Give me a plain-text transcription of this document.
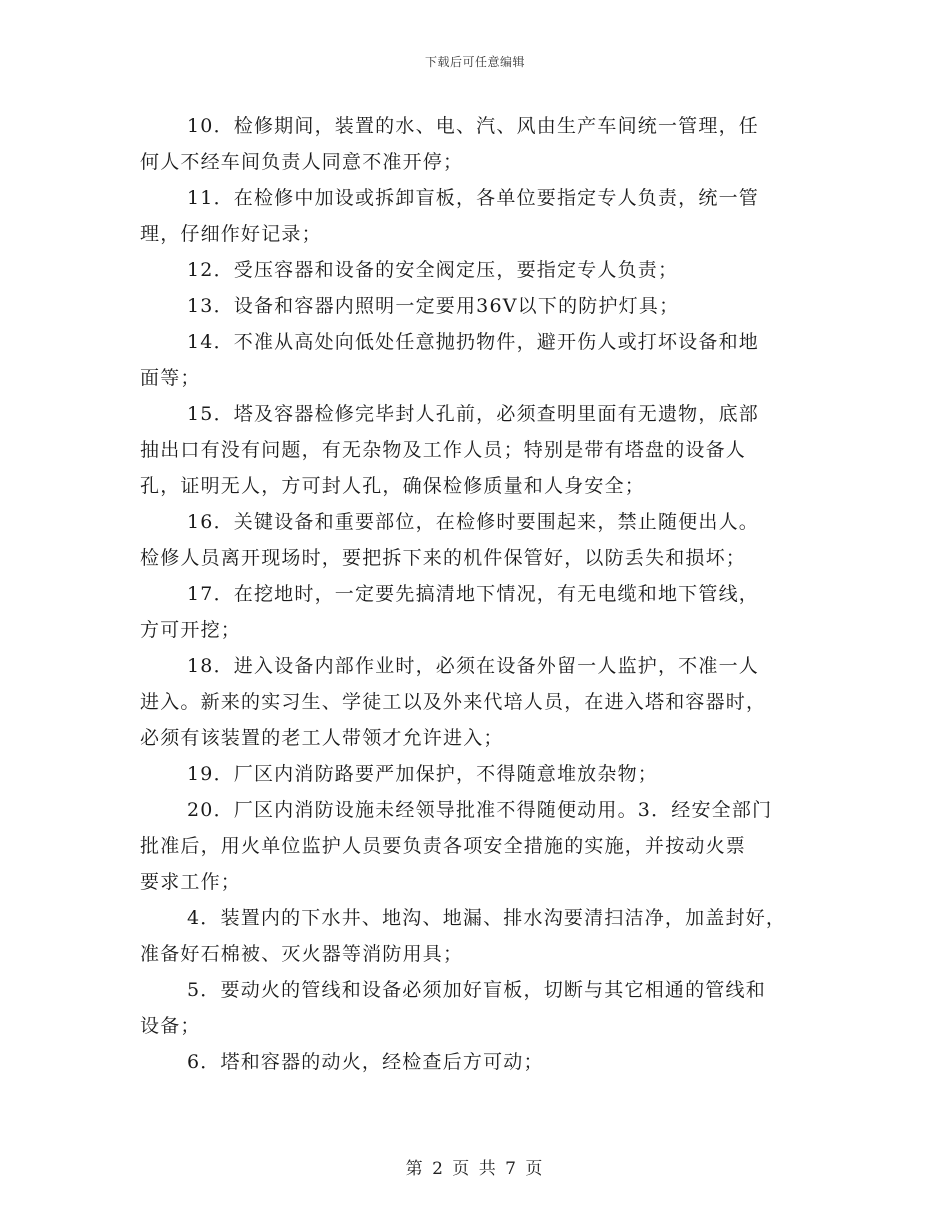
下载后可任意编辑

10．检修期间，装置的水、电、汽、风由生产车间统一管理，任
何人不经车间负责人同意不准开停；

11．在检修中加设或拆卸盲板，各单位要指定专人负责，统一管
理，仔细作好记录；

12．受压容器和设备的安全阀定压，要指定专人负责；

13．设备和容器内照明一定要用36V以下的防护灯具；

14．不准从高处向低处任意抛扔物件，避开伤人或打坏设备和地
面等；

15．塔及容器检修完毕封人孔前，必须查明里面有无遗物，底部
抽出口有没有问题，有无杂物及工作人员；特别是带有塔盘的设备人
孔，证明无人，方可封人孔，确保检修质量和人身安全；

16．关键设备和重要部位，在检修时要围起来，禁止随便出人。
检修人员离开现场时，要把拆下来的机件保管好，以防丢失和损坏；

17．在挖地时，一定要先搞清地下情况，有无电缆和地下管线，
方可开挖；

18．进入设备内部作业时，必须在设备外留一人监护，不准一人
进入。新来的实习生、学徒工以及外来代培人员，在进入塔和容器时，
必须有该装置的老工人带领才允许进入；

19．厂区内消防路要严加保护，不得随意堆放杂物；

20．厂区内消防设施未经领导批准不得随便动用。3．经安全部门
批准后，用火单位监护人员要负责各项安全措施的实施，并按动火票
要求工作；

4．装置内的下水井、地沟、地漏、排水沟要清扫洁净，加盖封好，
准备好石棉被、灭火器等消防用具；

5．要动火的管线和设备必须加好盲板，切断与其它相通的管线和
设备；

6．塔和容器的动火，经检查后方可动；

第 2 页 共 7 页
